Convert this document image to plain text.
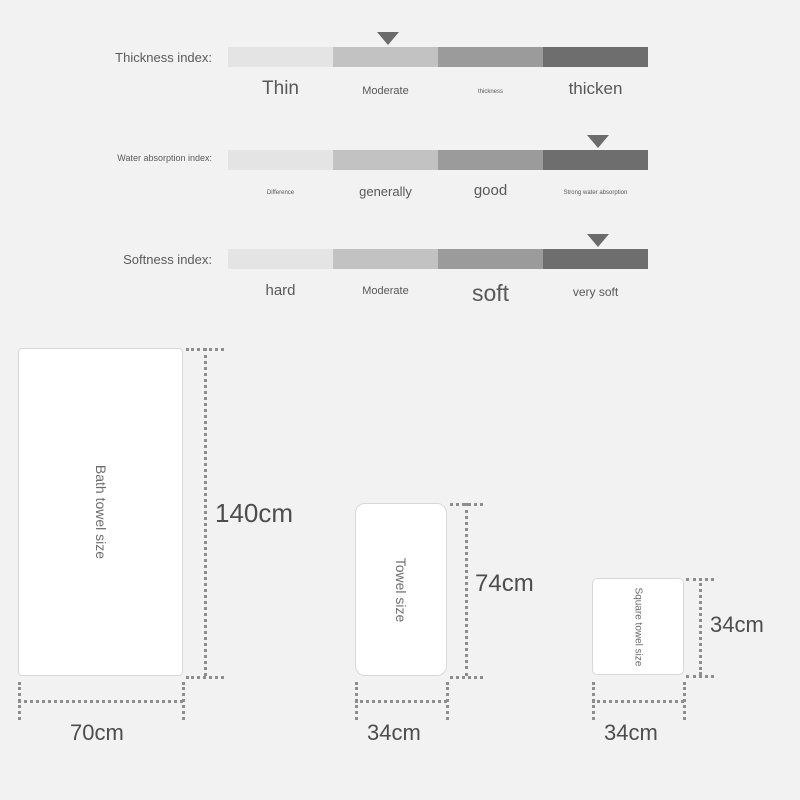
Thickness index:
Thin	Moderate	thickness	thicken
Water absorption index:
Difference	generally	good	Strong water absorption
Softness index:
hard	Moderate	soft	very soft
Bath towel size	140cm
70cm
Towel size	74cm
34cm
Square towel size	34cm
34cm
